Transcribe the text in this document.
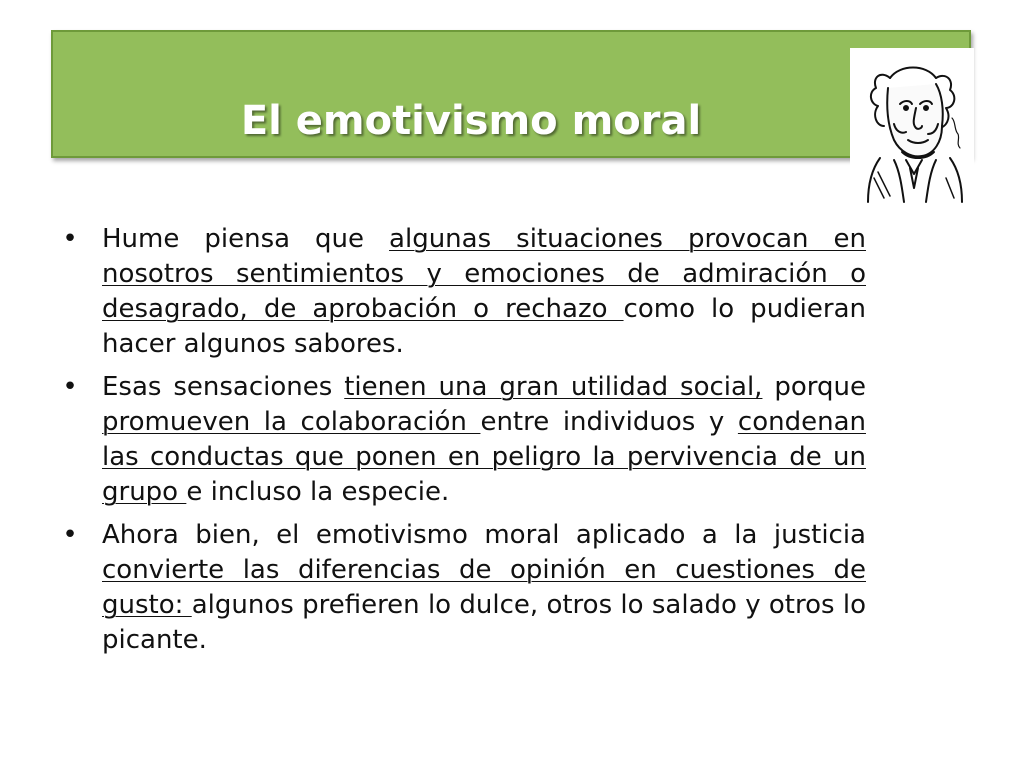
El emotivismo moral
• Hume piensa que algunas situaciones provocan en nosotros sentimientos y emociones de admiración o desagrado, de aprobación o rechazo como lo pudieran hacer algunos sabores.
• Esas sensaciones tienen una gran utilidad social, porque promueven la colaboración entre individuos y condenan las conductas que ponen en peligro la pervivencia de un grupo e incluso la especie.
• Ahora bien, el emotivismo moral aplicado a la justicia convierte las diferencias de opinión en cuestiones de gusto: algunos prefieren lo dulce, otros lo salado y otros lo picante.
